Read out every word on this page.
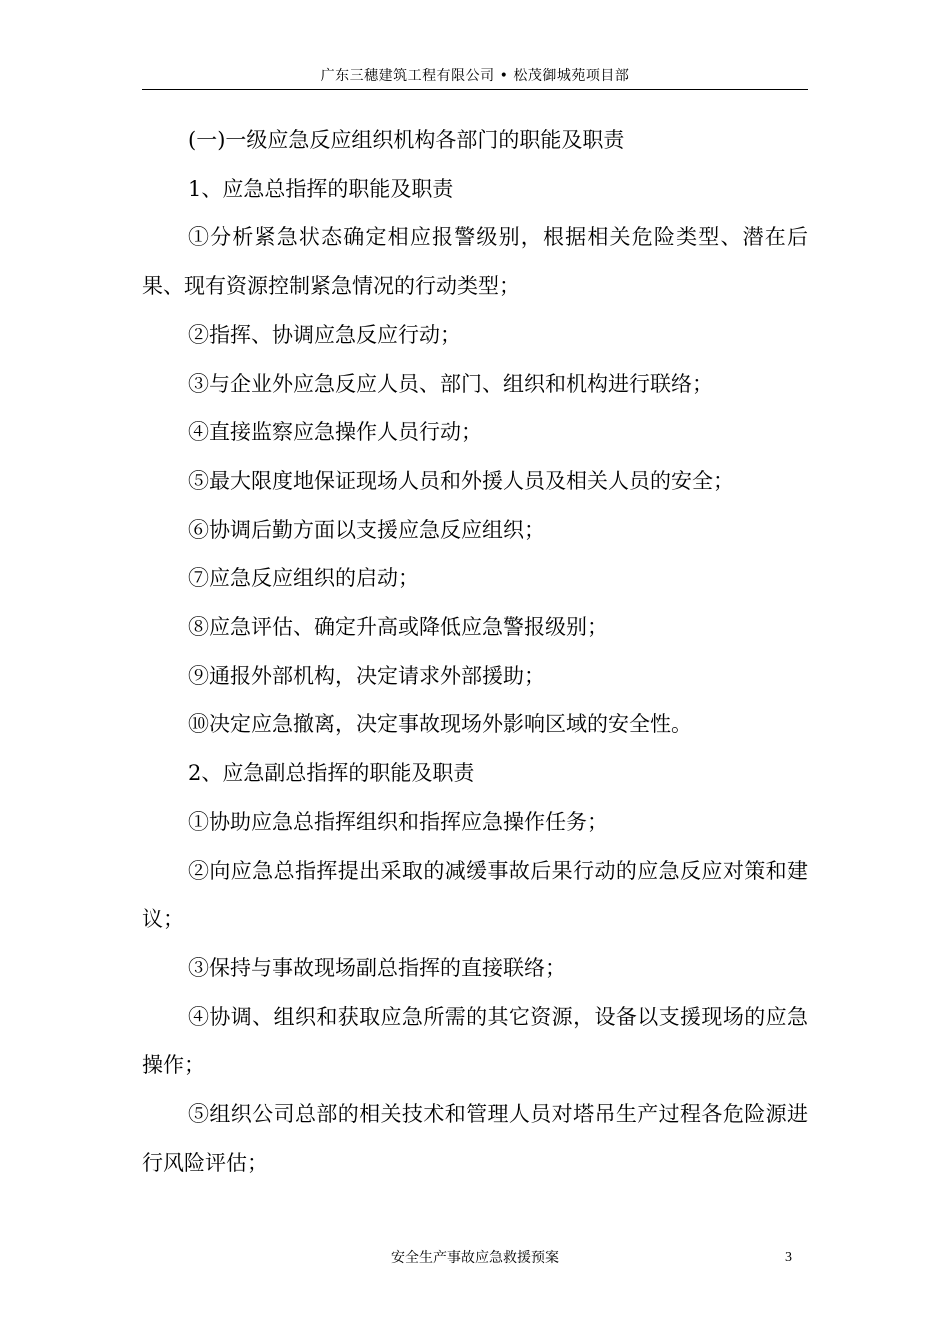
广东三穗建筑工程有限公司 • 松茂御城苑项目部

(一)一级应急反应组织机构各部门的职能及职责

1、应急总指挥的职能及职责

①分析紧急状态确定相应报警级别，根据相关危险类型、潜在后果、现有资源控制紧急情况的行动类型；

②指挥、协调应急反应行动；

③与企业外应急反应人员、部门、组织和机构进行联络；

④直接监察应急操作人员行动；

⑤最大限度地保证现场人员和外援人员及相关人员的安全；

⑥协调后勤方面以支援应急反应组织；

⑦应急反应组织的启动；

⑧应急评估、确定升高或降低应急警报级别；

⑨通报外部机构，决定请求外部援助；

⑩决定应急撤离，决定事故现场外影响区域的安全性。

2、应急副总指挥的职能及职责

①协助应急总指挥组织和指挥应急操作任务；

②向应急总指挥提出采取的减缓事故后果行动的应急反应对策和建议；

③保持与事故现场副总指挥的直接联络；

④协调、组织和获取应急所需的其它资源，设备以支援现场的应急操作；

⑤组织公司总部的相关技术和管理人员对塔吊生产过程各危险源进行风险评估；

安全生产事故应急救援预案	3
